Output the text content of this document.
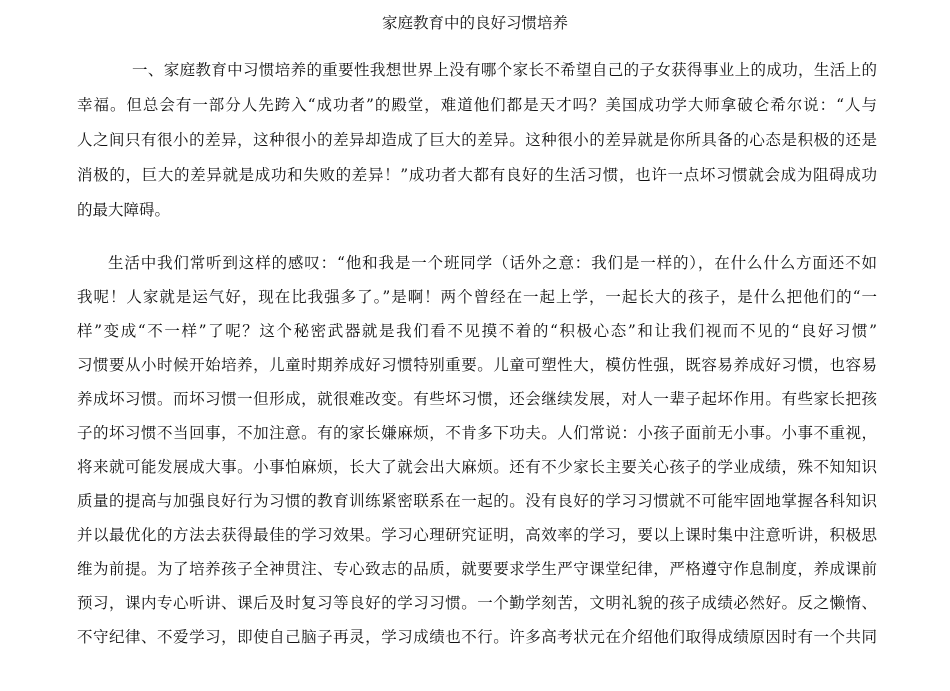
家庭教育中的良好习惯培养
一、家庭教育中习惯培养的重要性我想世界上没有哪个家长不希望自己的子女获得事业上的成功，生活上的
幸福。但总会有一部分人先跨入“成功者”的殿堂，难道他们都是天才吗？美国成功学大师拿破仑希尔说：“人与
人之间只有很小的差异，这种很小的差异却造成了巨大的差异。这种很小的差异就是你所具备的心态是积极的还是
消极的，巨大的差异就是成功和失败的差异！”成功者大都有良好的生活习惯，也许一点坏习惯就会成为阻碍成功
的最大障碍。
生活中我们常听到这样的感叹：“他和我是一个班同学（话外之意：我们是一样的），在什么什么方面还不如
我呢！人家就是运气好，现在比我强多了。”是啊！两个曾经在一起上学，一起长大的孩子，是什么把他们的“一
样”变成“不一样”了呢？这个秘密武器就是我们看不见摸不着的“积极心态”和让我们视而不见的“良好习惯”
习惯要从小时候开始培养，儿童时期养成好习惯特别重要。儿童可塑性大，模仿性强，既容易养成好习惯，也容易
养成坏习惯。而坏习惯一但形成，就很难改变。有些坏习惯，还会继续发展，对人一辈子起坏作用。有些家长把孩
子的坏习惯不当回事，不加注意。有的家长嫌麻烦，不肯多下功夫。人们常说：小孩子面前无小事。小事不重视，
将来就可能发展成大事。小事怕麻烦，长大了就会出大麻烦。还有不少家长主要关心孩子的学业成绩，殊不知知识
质量的提高与加强良好行为习惯的教育训练紧密联系在一起的。没有良好的学习习惯就不可能牢固地掌握各科知识
并以最优化的方法去获得最佳的学习效果。学习心理研究证明，高效率的学习，要以上课时集中注意听讲，积极思
维为前提。为了培养孩子全神贯注、专心致志的品质，就要要求学生严守课堂纪律，严格遵守作息制度，养成课前
预习，课内专心听讲、课后及时复习等良好的学习习惯。一个勤学刻苦，文明礼貌的孩子成绩必然好。反之懒惰、
不守纪律、不爱学习，即使自己脑子再灵，学习成绩也不行。许多高考状元在介绍他们取得成绩原因时有一个共同
